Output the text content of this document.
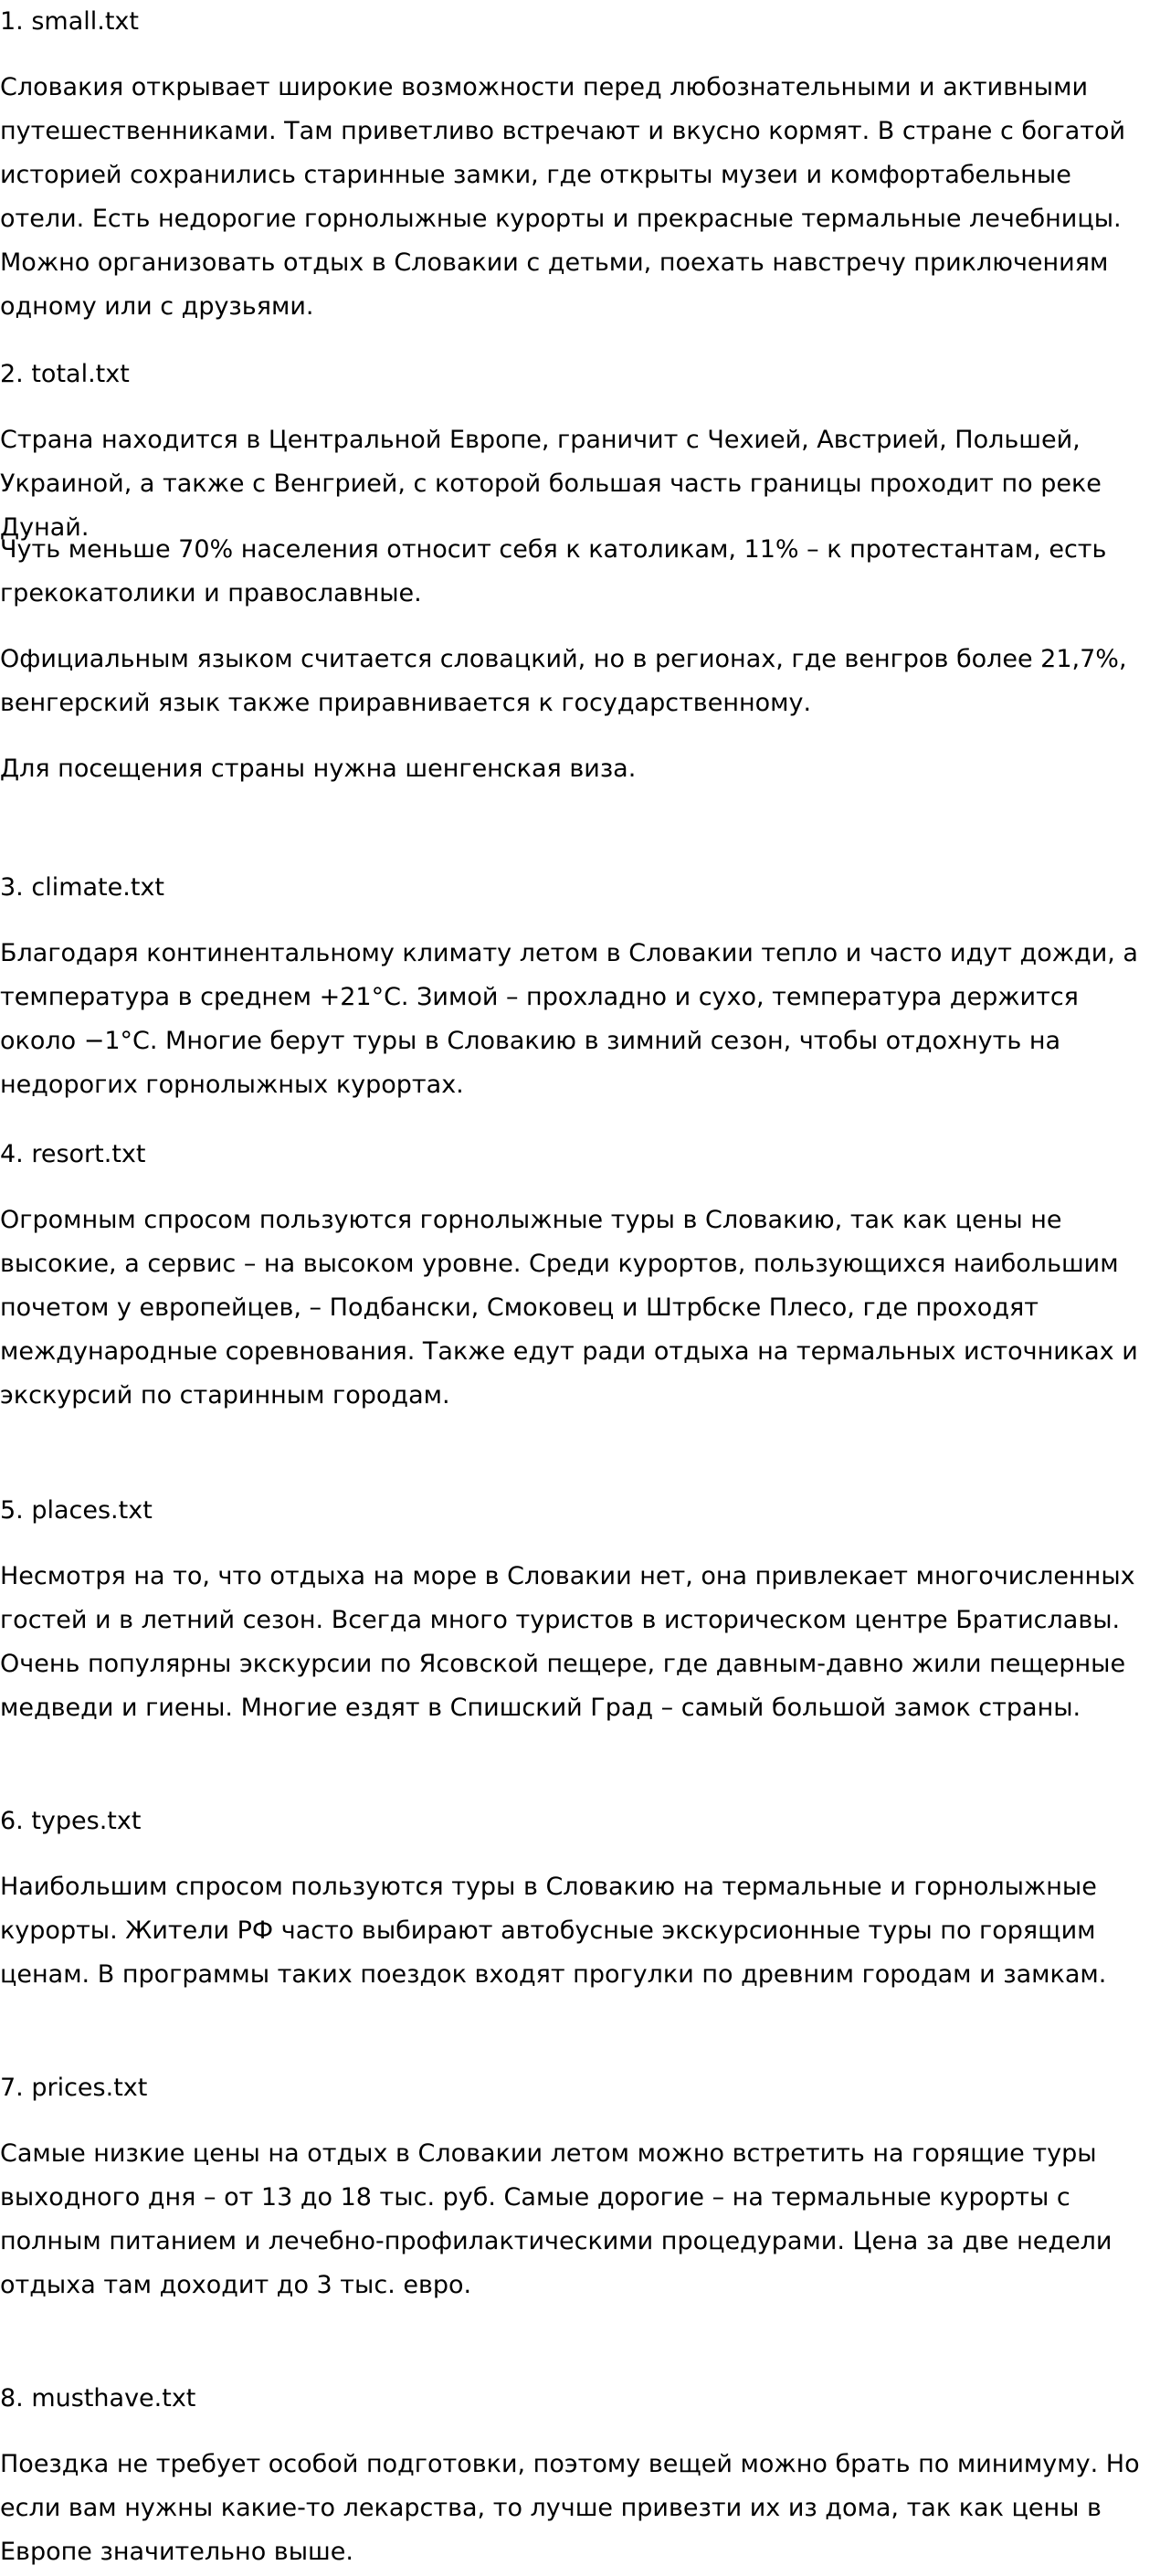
1. small.txt

Словакия открывает широкие возможности перед любознательными и активными путешественниками. Там приветливо встречают и вкусно кормят. В стране с богатой историей сохранились старинные замки, где открыты музеи и комфортабельные отели. Есть недорогие горнолыжные курорты и прекрасные термальные лечебницы. Можно организовать отдых в Словакии с детьми, поехать навстречу приключениям одному или с друзьями.

2. total.txt

Страна находится в Центральной Европе, граничит с Чехией, Австрией, Польшей, Украиной, а также с Венгрией, с которой большая часть границы проходит по реке Дунай.

Чуть меньше 70% населения относит себя к католикам, 11% – к протестантам, есть грекокатолики и православные.

Официальным языком считается словацкий, но в регионах, где венгров более 21,7%, венгерский язык также приравнивается к государственному.

Для посещения страны нужна шенгенская виза.

3. climate.txt

Благодаря континентальному климату летом в Словакии тепло и часто идут дожди, а температура в среднем +21°C. Зимой – прохладно и сухо, температура держится около −1°C. Многие берут туры в Словакию в зимний сезон, чтобы отдохнуть на недорогих горнолыжных курортах.

4. resort.txt

Огромным спросом пользуются горнолыжные туры в Словакию, так как цены не высокие, а сервис – на высоком уровне. Среди курортов, пользующихся наибольшим почетом у европейцев, – Подбански, Смоковец и Штрбске Плесо, где проходят международные соревнования. Также едут ради отдыха на термальных источниках и экскурсий по старинным городам.

5. places.txt

Несмотря на то, что отдыха на море в Словакии нет, она привлекает многочисленных гостей и в летний сезон. Всегда много туристов в историческом центре Братиславы. Очень популярны экскурсии по Ясовской пещере, где давным-давно жили пещерные медведи и гиены. Многие ездят в Спишский Град – самый большой замок страны.

6. types.txt

Наибольшим спросом пользуются туры в Словакию на термальные и горнолыжные курорты. Жители РФ часто выбирают автобусные экскурсионные туры по горящим ценам. В программы таких поездок входят прогулки по древним городам и замкам.

7. prices.txt

Самые низкие цены на отдых в Словакии летом можно встретить на горящие туры выходного дня – от 13 до 18 тыс. руб. Самые дорогие – на термальные курорты с полным питанием и лечебно-профилактическими процедурами. Цена за две недели отдыха там доходит до 3 тыс. евро.

8. musthave.txt

Поездка не требует особой подготовки, поэтому вещей можно брать по минимуму. Но если вам нужны какие-то лекарства, то лучше привезти их из дома, так как цены в Европе значительно выше.
